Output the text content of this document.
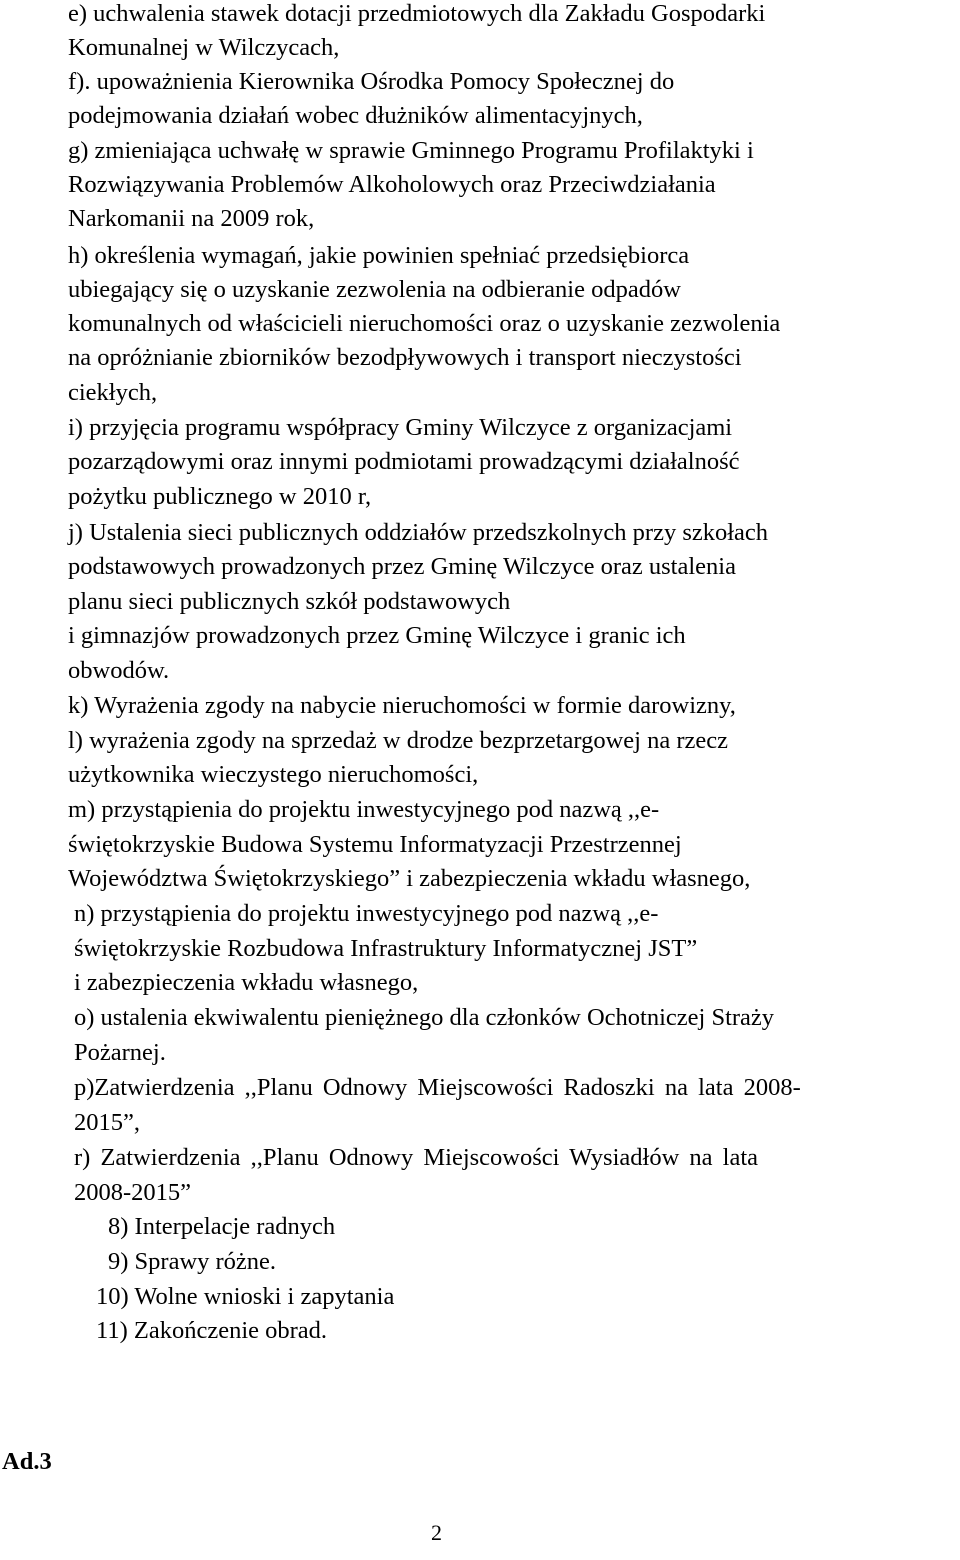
e) uchwalenia stawek dotacji przedmiotowych dla Zakładu Gospodarki

Komunalnej w Wilczycach,

f). upoważnienia Kierownika Ośrodka Pomocy Społecznej do

podejmowania działań wobec dłużników alimentacyjnych,

g) zmieniająca uchwałę w sprawie Gminnego Programu Profilaktyki i

Rozwiązywania Problemów Alkoholowych oraz Przeciwdziałania

Narkomanii na 2009 rok,

h) określenia wymagań, jakie powinien spełniać przedsiębiorca

ubiegający się o uzyskanie zezwolenia na odbieranie odpadów

komunalnych od właścicieli nieruchomości oraz o uzyskanie zezwolenia

na opróżnianie zbiorników bezodpływowych i transport nieczystości

ciekłych,

i) przyjęcia programu współpracy Gminy Wilczyce z organizacjami

pozarządowymi oraz innymi podmiotami prowadzącymi działalność

pożytku publicznego w 2010 r,

j) Ustalenia sieci publicznych oddziałów przedszkolnych przy szkołach

podstawowych prowadzonych przez Gminę Wilczyce oraz ustalenia

planu sieci publicznych szkół podstawowych

i gimnazjów prowadzonych przez Gminę Wilczyce i granic ich

obwodów.

k) Wyrażenia zgody na nabycie nieruchomości w formie darowizny,

l) wyrażenia zgody na sprzedaż w drodze bezprzetargowej na rzecz

użytkownika wieczystego nieruchomości,

m) przystąpienia do projektu inwestycyjnego pod nazwą ,,e-

świętokrzyskie Budowa Systemu Informatyzacji Przestrzennej

Województwa Świętokrzyskiego” i zabezpieczenia wkładu własnego,

n) przystąpienia do projektu inwestycyjnego pod nazwą ,,e-

świętokrzyskie Rozbudowa Infrastruktury Informatycznej JST”

i zabezpieczenia wkładu własnego,

o) ustalenia ekwiwalentu pieniężnego dla członków Ochotniczej Straży

Pożarnej.

p)Zatwierdzenia ,,Planu Odnowy Miejscowości Radoszki na lata 2008-

2015”,

r) Zatwierdzenia ,,Planu Odnowy Miejscowości Wysiadłów na lata

2008-2015”

8) Interpelacje radnych

9) Sprawy różne.

10) Wolne wnioski i zapytania

11) Zakończenie obrad.

Ad.3

2
